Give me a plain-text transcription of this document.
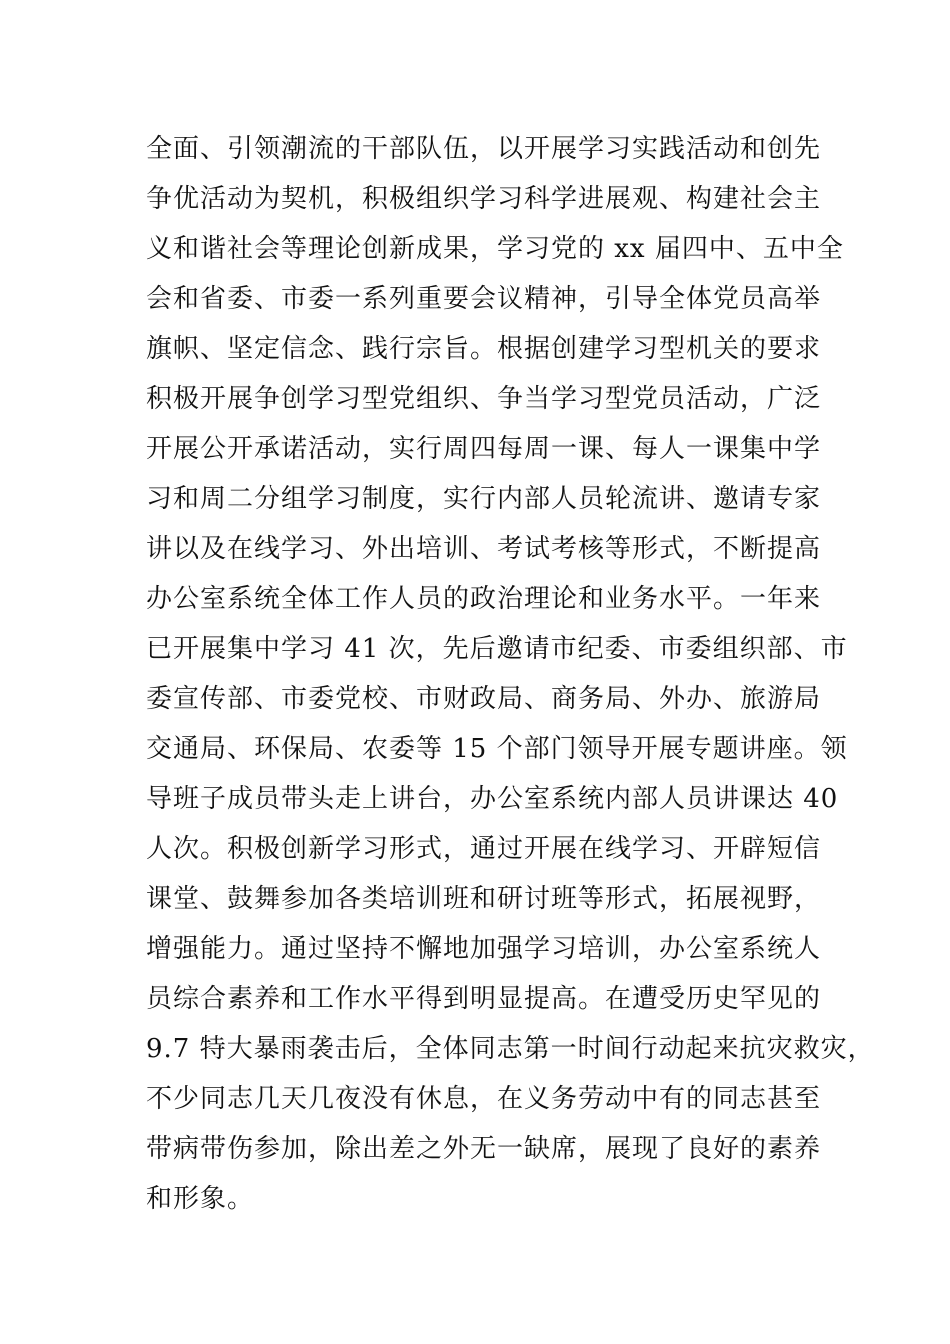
全面、引领潮流的干部队伍，以开展学习实践活动和创先
争优活动为契机，积极组织学习科学进展观、构建社会主
义和谐社会等理论创新成果，学习党的 xx 届四中、五中全
会和省委、市委一系列重要会议精神，引导全体党员高举
旗帜、坚定信念、践行宗旨。根据创建学习型机关的要求
积极开展争创学习型党组织、争当学习型党员活动，广泛
开展公开承诺活动，实行周四每周一课、每人一课集中学
习和周二分组学习制度，实行内部人员轮流讲、邀请专家
讲以及在线学习、外出培训、考试考核等形式，不断提高
办公室系统全体工作人员的政治理论和业务水平。一年来
已开展集中学习 41 次，先后邀请市纪委、市委组织部、市
委宣传部、市委党校、市财政局、商务局、外办、旅游局
交通局、环保局、农委等 15 个部门领导开展专题讲座。领
导班子成员带头走上讲台，办公室系统内部人员讲课达 40
人次。积极创新学习形式，通过开展在线学习、开辟短信
课堂、鼓舞参加各类培训班和研讨班等形式，拓展视野，
增强能力。通过坚持不懈地加强学习培训，办公室系统人
员综合素养和工作水平得到明显提高。在遭受历史罕见的
9.7 特大暴雨袭击后，全体同志第一时间行动起来抗灾救灾，
不少同志几天几夜没有休息，在义务劳动中有的同志甚至
带病带伤参加，除出差之外无一缺席，展现了良好的素养
和形象。
